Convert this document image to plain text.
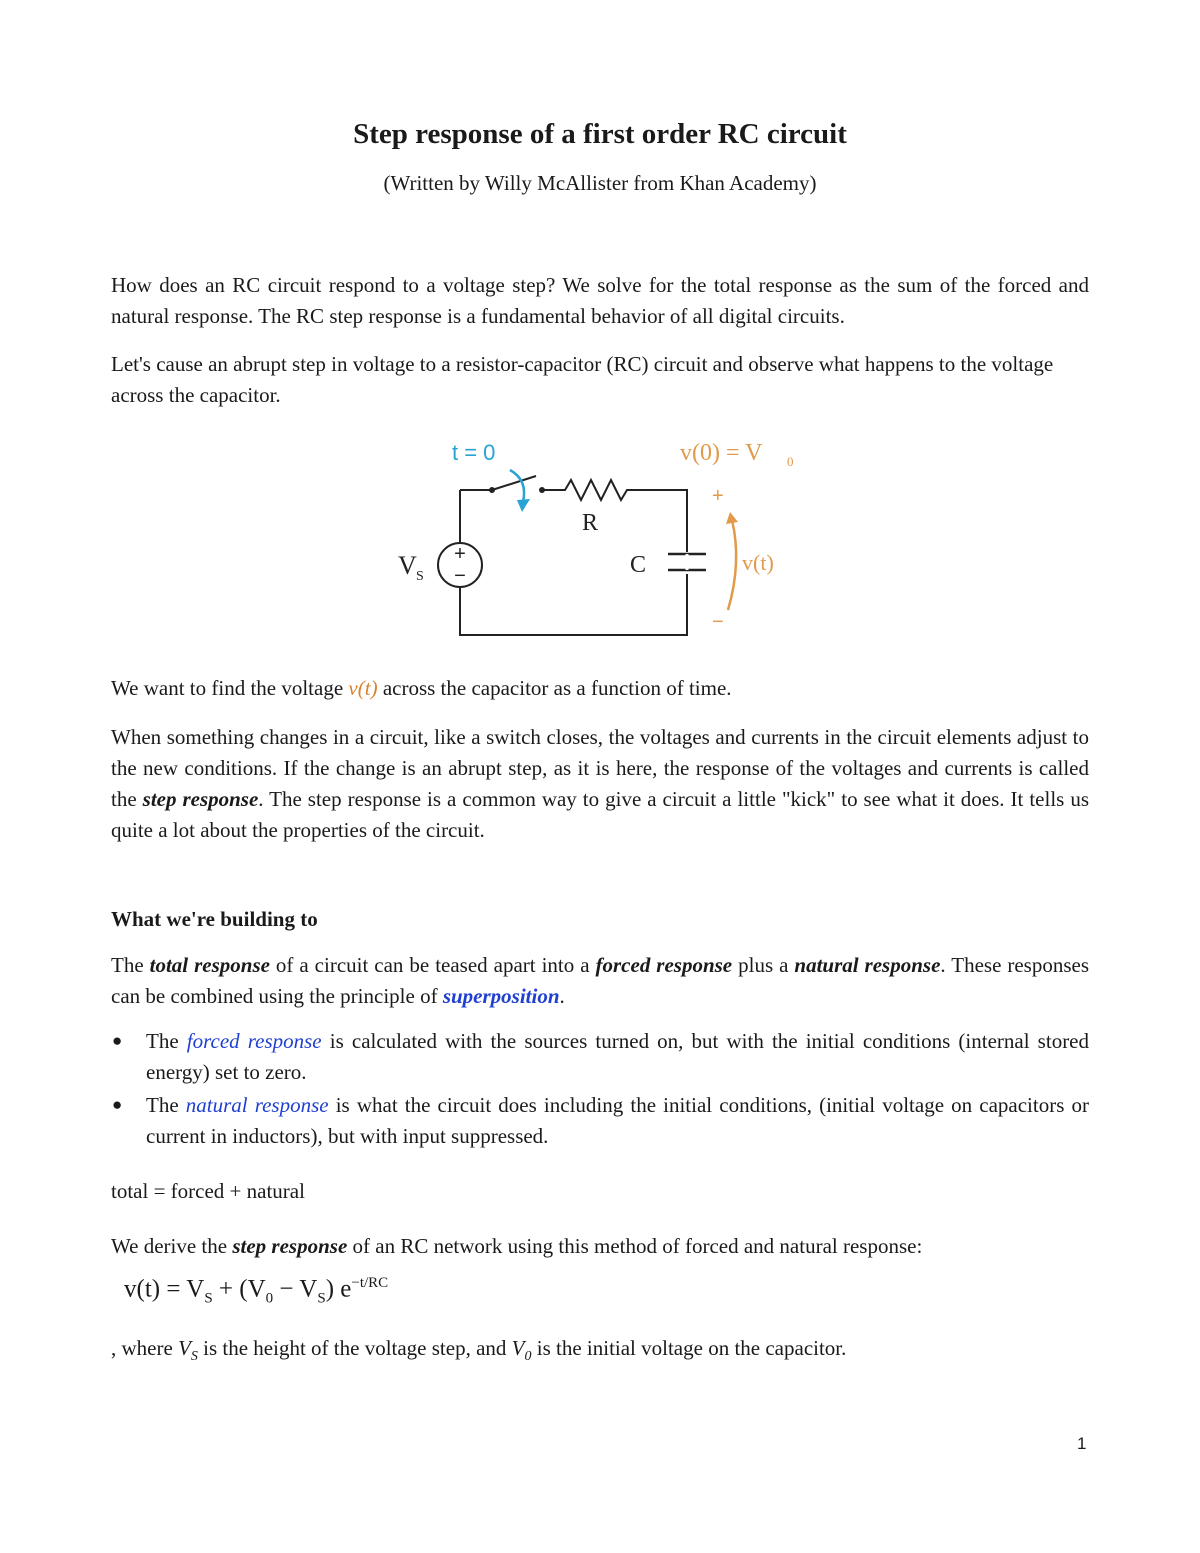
Step response of a first order RC circuit
(Written by Willy McAllister from Khan Academy)
How does an RC circuit respond to a voltage step? We solve for the total response as the sum of the forced and natural response. The RC step response is a fundamental behavior of all digital circuits.
Let's cause an abrupt step in voltage to a resistor-capacitor (RC) circuit and observe what happens to the voltage across the capacitor.
+
−
t = 0	v(0) = V 0
+
−
v(t)
V S
R
C
We want to find the voltage v(t) across the capacitor as a function of time.
When something changes in a circuit, like a switch closes, the voltages and currents in the circuit elements adjust to the new conditions. If the change is an abrupt step, as it is here, the response of the voltages and currents is called the step response. The step response is a common way to give a circuit a little "kick" to see what it does. It tells us quite a lot about the properties of the circuit.
What we're building to
The total response of a circuit can be teased apart into a forced response plus a natural response. These responses can be combined using the principle of superposition.
● The forced response is calculated with the sources turned on, but with the initial conditions (internal stored energy) set to zero.
● The natural response is what the circuit does including the initial conditions, (initial voltage on capacitors or current in inductors), but with input suppressed.
total = forced + natural
We derive the step response of an RC network using this method of forced and natural response:
$v(t) = V_S + (V_0 - V_S)$ $e^{-t/RC}$
, where $V_S$ is the height of the voltage step, and $V_0$ is the initial voltage on the capacitor.
1
